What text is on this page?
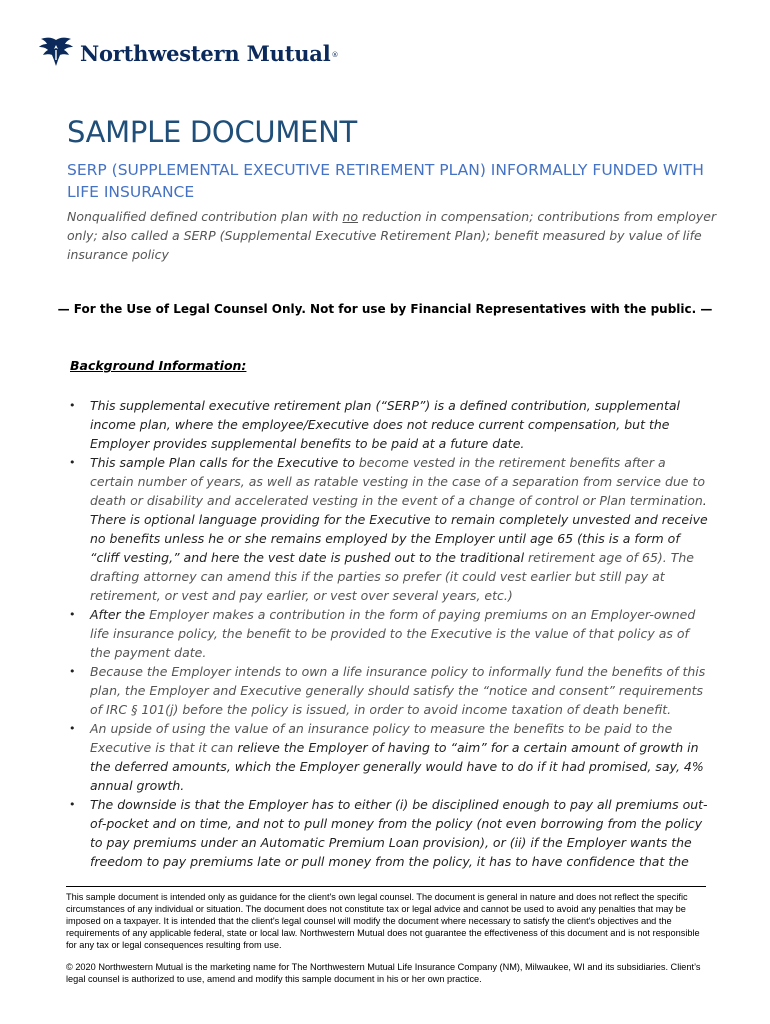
Northwestern Mutual ®
SAMPLE DOCUMENT
SERP (SUPPLEMENTAL EXECUTIVE RETIREMENT PLAN) INFORMALLY FUNDED WITH LIFE INSURANCE
Nonqualified defined contribution plan with no reduction in compensation; contributions from employer only; also called a SERP (Supplemental Executive Retirement Plan); benefit measured by value of life insurance policy
— For the Use of Legal Counsel Only. Not for use by Financial Representatives with the public. —
Background Information:
• This supplemental executive retirement plan (“SERP”) is a defined contribution, supplemental income plan, where the employee/Executive does not reduce current compensation, but the Employer provides supplemental benefits to be paid at a future date.
• This sample Plan calls for the Executive to become vested in the retirement benefits after a certain number of years, as well as ratable vesting in the case of a separation from service due to death or disability and accelerated vesting in the event of a change of control or Plan termination. There is optional language providing for the Executive to remain completely unvested and receive no benefits unless he or she remains employed by the Employer until age 65 (this is a form of “cliff vesting,” and here the vest date is pushed out to the traditional retirement age of 65). The drafting attorney can amend this if the parties so prefer (it could vest earlier but still pay at retirement, or vest and pay earlier, or vest over several years, etc.)
• After the Employer makes a contribution in the form of paying premiums on an Employer-owned life insurance policy, the benefit to be provided to the Executive is the value of that policy as of the payment date.
• Because the Employer intends to own a life insurance policy to informally fund the benefits of this plan, the Employer and Executive generally should satisfy the “notice and consent” requirements of IRC § 101(j) before the policy is issued, in order to avoid income taxation of death benefit.
• An upside of using the value of an insurance policy to measure the benefits to be paid to the Executive is that it can relieve the Employer of having to “aim” for a certain amount of growth in the deferred amounts, which the Employer generally would have to do if it had promised, say, 4% annual growth.
• The downside is that the Employer has to either (i) be disciplined enough to pay all premiums out-of-pocket and on time, and not to pull money from the policy (not even borrowing from the policy to pay premiums under an Automatic Premium Loan provision), or (ii) if the Employer wants the freedom to pay premiums late or pull money from the policy, it has to have confidence that the

This sample document is intended only as guidance for the client's own legal counsel. The document is general in nature and does not reflect the specific circumstances of any individual or situation. The document does not constitute tax or legal advice and cannot be used to avoid any penalties that may be imposed on a taxpayer. It is intended that the client's legal counsel will modify the document where necessary to satisfy the client's objectives and the requirements of any applicable federal, state or local law. Northwestern Mutual does not guarantee the effectiveness of this document and is not responsible for any tax or legal consequences resulting from use.

© 2020 Northwestern Mutual is the marketing name for The Northwestern Mutual Life Insurance Company (NM), Milwaukee, WI and its subsidiaries. Client’s legal counsel is authorized to use, amend and modify this sample document in his or her own practice.
